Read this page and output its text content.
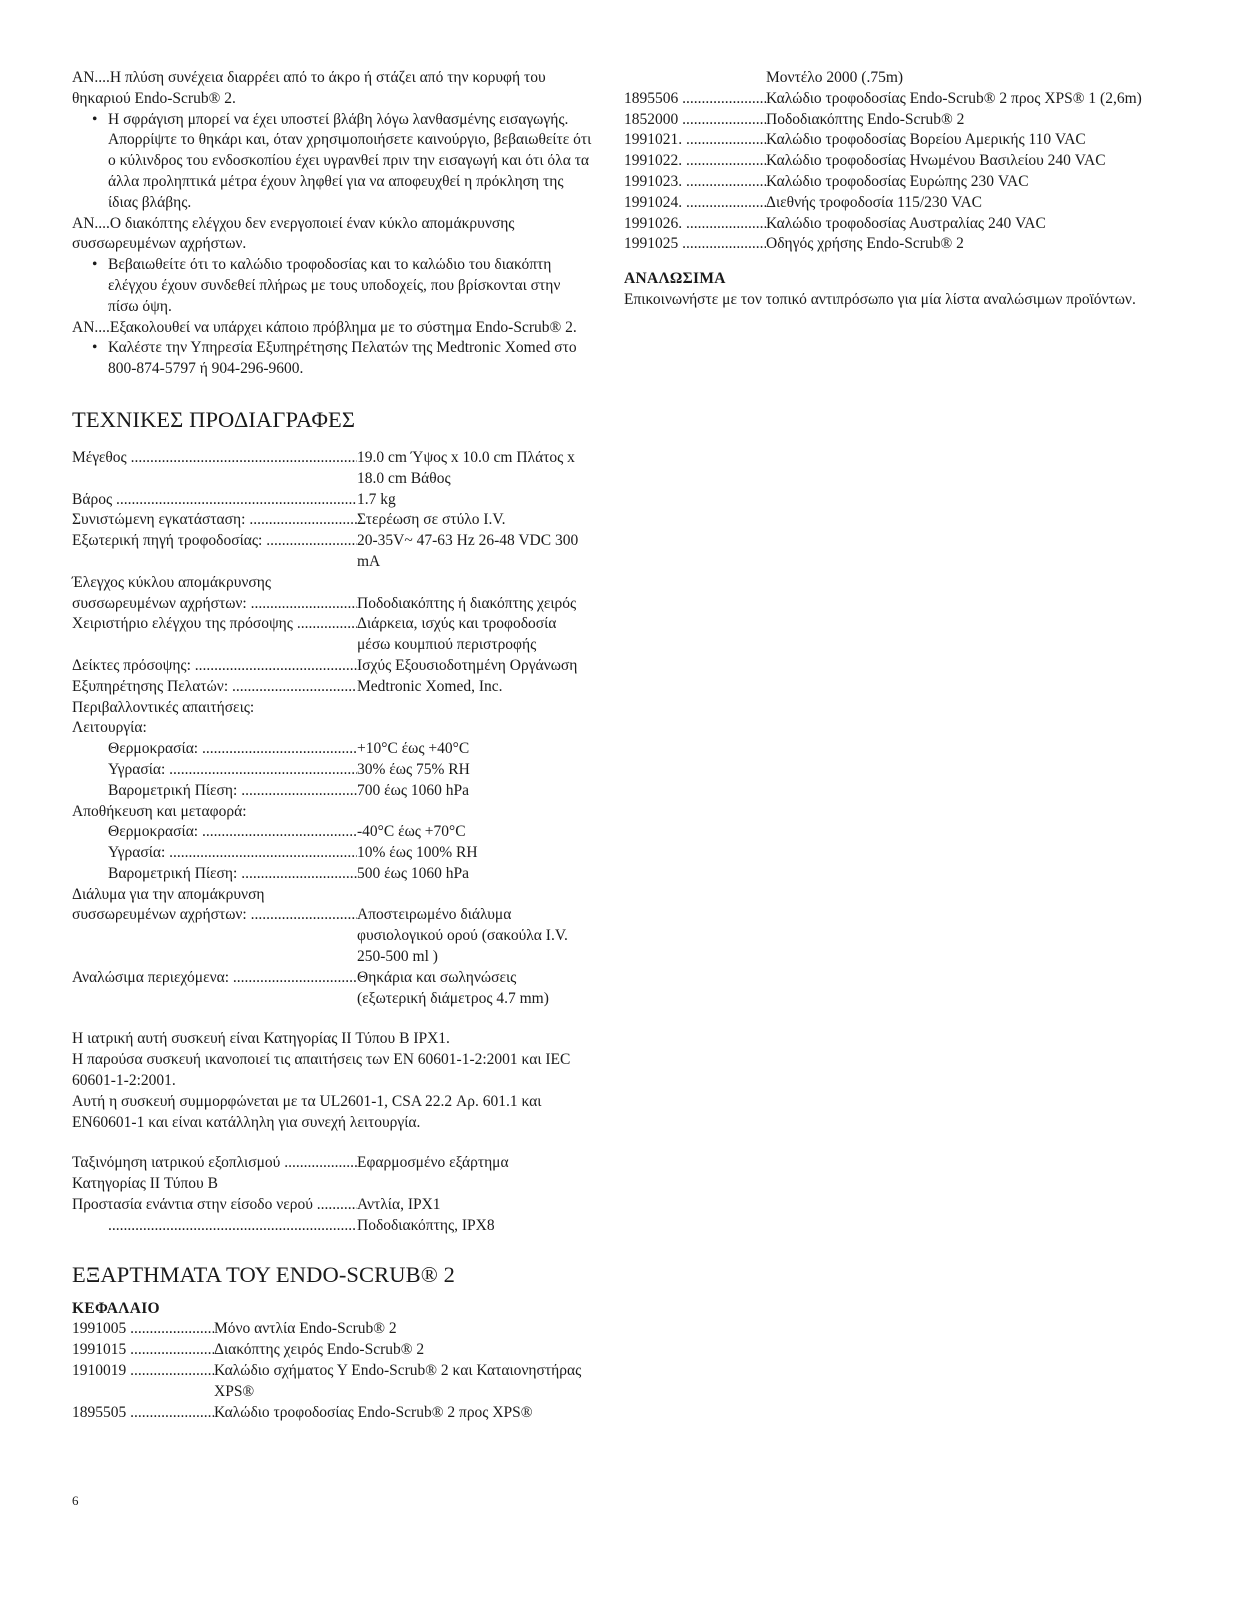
ΑΝ....Η πλύση συνέχεια διαρρέει από το άκρο ή στάζει από την κορυφή του θηκαριού Endo-Scrub® 2.

• Η σφράγιση μπορεί να έχει υποστεί βλάβη λόγω λανθασμένης εισαγωγής. Απορρίψτε το θηκάρι και, όταν χρησιμοποιήσετε καινούργιο, βεβαιωθείτε ότι ο κύλινδρος του ενδοσκοπίου έχει υγρανθεί πριν την εισαγωγή και ότι όλα τα άλλα προληπτικά μέτρα έχουν ληφθεί για να αποφευχθεί η πρόκληση της ίδιας βλάβης.

ΑΝ....Ο διακόπτης ελέγχου δεν ενεργοποιεί έναν κύκλο απομάκρυνσης συσσωρευμένων αχρήστων.

• Βεβαιωθείτε ότι το καλώδιο τροφοδοσίας και το καλώδιο του διακόπτη ελέγχου έχουν συνδεθεί πλήρως με τους υποδοχείς, που βρίσκονται στην πίσω όψη.

ΑΝ....Εξακολουθεί να υπάρχει κάποιο πρόβλημα με το σύστημα Endo-Scrub® 2.

• Καλέστε την Υπηρεσία Εξυπηρέτησης Πελατών της Medtronic Xomed στο 800-874-5797 ή 904-296-9600.
ΤΕΧΝΙΚΕΣ ΠΡΟΔΙΑΓΡΑΦΕΣ
Μέγεθος .....	19.0 cm Ύψος x 10.0 cm Πλάτος x 18.0 cm Βάθος
Βάρος .....	1.7 kg
Συνιστώμενη εγκατάσταση: .....	Στερέωση σε στύλο I.V.
Εξωτερική πηγή τροφοδοσίας: .....	20-35V~ 47-63 Hz 26-48 VDC 300 mA

Έλεγχος κύκλου απομάκρυνσης

συσσωρευμένων αχρήστων: .....	Ποδοδιακόπτης ή διακόπτης χειρός
Χειριστήριο ελέγχου της πρόσοψης .....	Διάρκεια, ισχύς και τροφοδοσία μέσω κουμπιού περιστροφής
Δείκτες πρόσοψης: .....	Ισχύς Εξουσιοδοτημένη Οργάνωση
Εξυπηρέτησης Πελατών: .....	Medtronic Xomed, Inc.

Περιβαλλοντικές απαιτήσεις:

Λειτουργία:

Θερμοκρασία: .....	+10°C έως +40°C
Υγρασία: .....	30% έως 75% RH
Βαρομετρική Πίεση: .....	700 έως 1060 hPa

Αποθήκευση και μεταφορά:

Θερμοκρασία: .....	-40°C έως +70°C
Υγρασία: .....	10% έως 100% RH
Βαρομετρική Πίεση: .....	500 έως 1060 hPa

Διάλυμα για την απομάκρυνση

συσσωρευμένων αχρήστων: .....	Αποστειρωμένο διάλυμα φυσιολογικού ορού (σακούλα I.V. 250-500 ml )
Αναλώσιμα περιεχόμενα: .....	Θηκάρια και σωληνώσεις (εξωτερική διάμετρος 4.7 mm)

Η ιατρική αυτή συσκευή είναι Κατηγορίας II Τύπου B IPX1.

Η παρούσα συσκευή ικανοποιεί τις απαιτήσεις των EN 60601-1-2:2001 και IEC 60601-1-2:2001.

Αυτή η συσκευή συμμορφώνεται με τα UL2601-1, CSA 22.2 Αρ. 601.1 και EN60601-1 και είναι κατάλληλη για συνεχή λειτουργία.

Ταξινόμηση ιατρικού εξοπλισμού .....	Εφαρμοσμένο εξάρτημα

Κατηγορίας II Τύπου B

Προστασία ενάντια στην είσοδο νερού .....	Αντλία, IPX1
.....
Ποδοδιακόπτης, IPX8
ΕΞΑΡΤΗΜΑΤΑ ΤΟΥ ENDO-SCRUB® 2

ΚΕΦΑΛΑΙΟ

1991005 .....	Μόνο αντλία Endo-Scrub® 2
1991015 .....	Διακόπτης χειρός Endo-Scrub® 2
1910019 .....	Καλώδιο σχήματος Υ Endo-Scrub® 2 και Καταιονηστήρας XPS®
1895505 .....	Καλώδιο τροφοδοσίας Endo-Scrub® 2 προς XPS®

Μοντέλο 2000 (.75m)

1895506 .....	Καλώδιο τροφοδοσίας Endo-Scrub® 2 προς XPS® 1 (2,6m)
1852000 .....	Ποδοδιακόπτης Endo-Scrub® 2
1991021. .....	Καλώδιο τροφοδοσίας Βορείου Αμερικής 110 VAC
1991022. .....	Καλώδιο τροφοδοσίας Ηνωμένου Βασιλείου 240 VAC
1991023. .....	Καλώδιο τροφοδοσίας Ευρώπης 230 VAC
1991024. .....	Διεθνής τροφοδοσία 115/230 VAC
1991026. .....	Καλώδιο τροφοδοσίας Αυστραλίας 240 VAC
1991025 .....	Οδηγός χρήσης Endo-Scrub® 2

ΑΝΑΛΩΣΙΜΑ

Επικοινωνήστε με τον τοπικό αντιπρόσωπο για μία λίστα αναλώσιμων προϊόντων.

6
